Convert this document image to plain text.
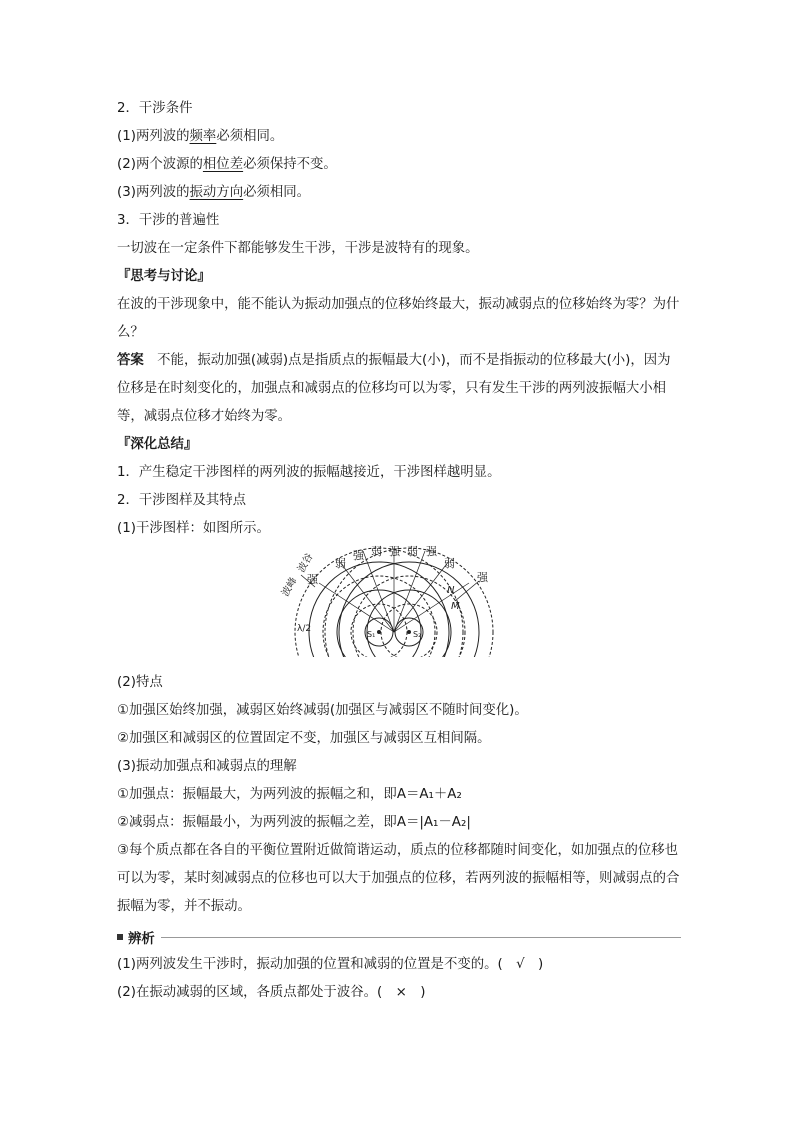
2．干涉条件
(1)两列波的频率必须相同。
(2)两个波源的相位差必须保持不变。
(3)两列波的振动方向必须相同。
3．干涉的普遍性
一切波在一定条件下都能够发生干涉，干涉是波特有的现象。
『思考与讨论』
在波的干涉现象中，能不能认为振动加强点的位移始终最大，振动减弱点的位移始终为零？为什么？
答案　 不能，振动加强(减弱)点是指质点的振幅最大(小)，而不是指振动的位移最大(小)，因为位移是在时刻变化的，加强点和减弱点的位移均可以为零，只有发生干涉的两列波振幅大小相等，减弱点位移才始终为零。
『深化总结』
1．产生稳定干涉图样的两列波的振幅越接近，干涉图样越明显。
2．干涉图样及其特点
(1)干涉图样：如图所示。
强 弱 强 弱 强
弱	弱
强	强
波峰
波谷
N
M
λ/2
S₁	S₂
(2)特点
①加强区始终加强，减弱区始终减弱(加强区与减弱区不随时间变化)。
②加强区和减弱区的位置固定不变，加强区与减弱区互相间隔。
(3)振动加强点和减弱点的理解
①加强点：振幅最大，为两列波的振幅之和，即A＝A₁＋A₂
②减弱点：振幅最小，为两列波的振幅之差，即A＝|A₁－A₂|
③每个质点都在各自的平衡位置附近做简谐运动，质点的位移都随时间变化，如加强点的位移也可以为零，某时刻减弱点的位移也可以大于加强点的位移，若两列波的振幅相等，则减弱点的合振幅为零，并不振动。
辨析
(1)两列波发生干涉时，振动加强的位置和减弱的位置是不变的。(　√　)
(2)在振动减弱的区域，各质点都处于波谷。(　×　)
